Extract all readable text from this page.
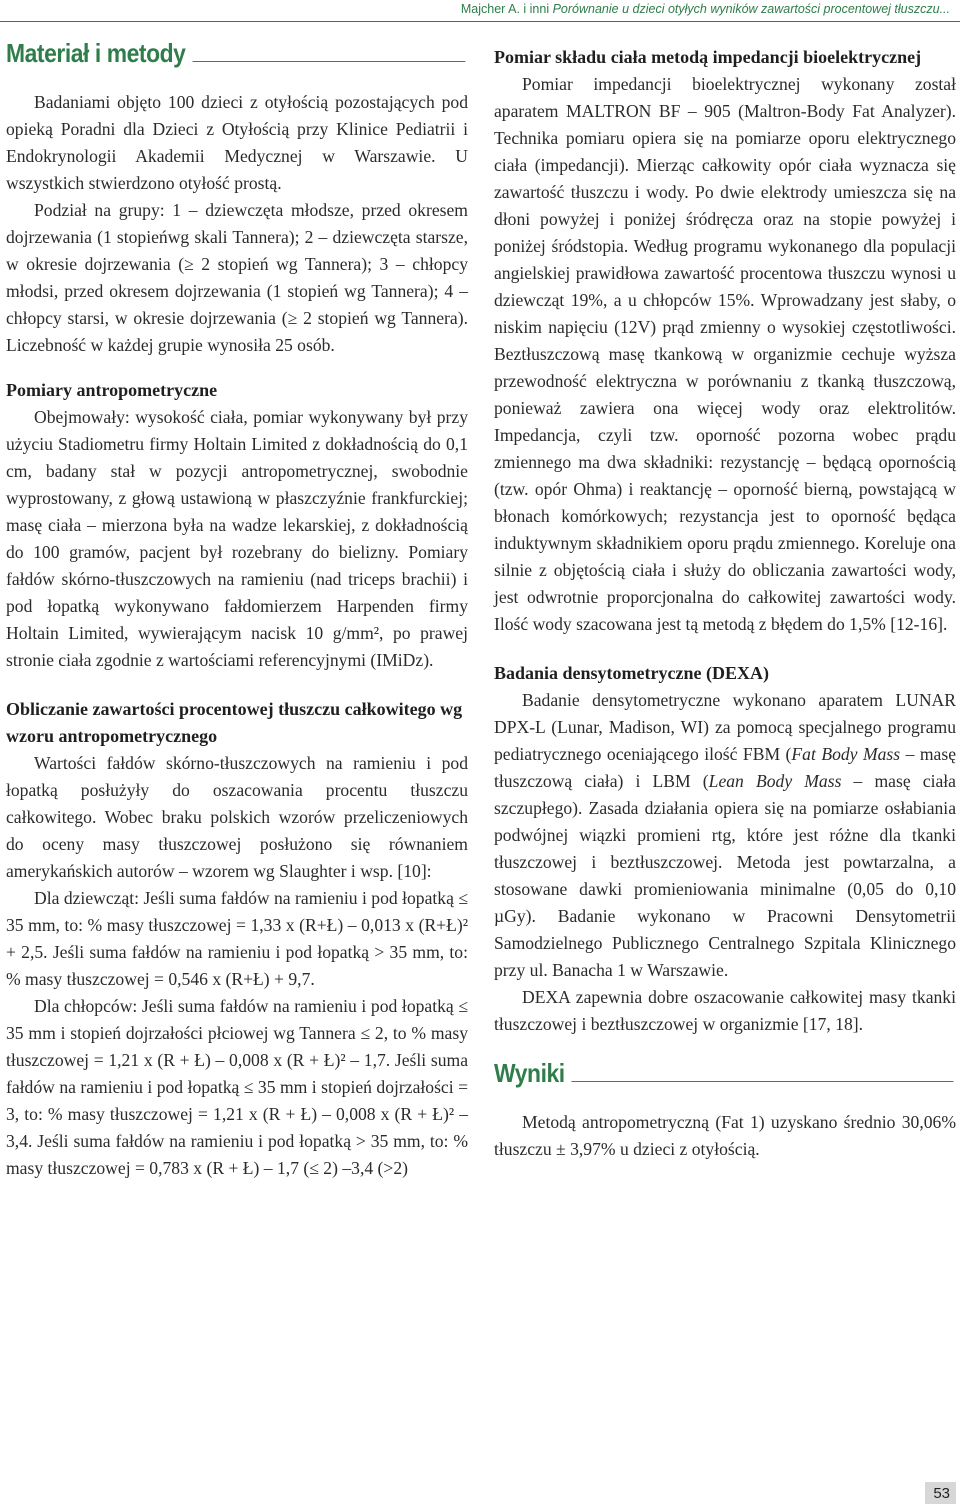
Majcher A. i inni Porównanie u dzieci otyłych wyników zawartości procentowej tłuszczu...
Materiał i metody

Badaniami objęto 100 dzieci z otyłością pozostających pod opieką Poradni dla Dzieci z Otyłością przy Klinice Pediatrii i Endokrynologii Akademii Medycznej w Warszawie. U wszystkich stwierdzono otyłość prostą.

Podział na grupy: 1 – dziewczęta młodsze, przed okresem dojrzewania (1 stopieńwg skali Tannera); 2 – dziewczęta starsze, w okresie dojrzewania (≥ 2 stopień wg Tannera); 3 – chłopcy młodsi, przed okresem dojrzewania (1 stopień wg Tannera); 4 – chłopcy starsi, w okresie dojrzewania (≥ 2 stopień wg Tannera). Liczebność w każdej grupie wynosiła 25 osób.

Pomiary antropometryczne

Obejmowały: wysokość ciała, pomiar wykonywany był przy użyciu Stadiometru firmy Holtain Limited z dokładnością do 0,1 cm, badany stał w pozycji antropometrycznej, swobodnie wyprostowany, z głową ustawioną w płaszczyźnie frankfurckiej; masę ciała – mierzona była na wadze lekarskiej, z dokładnością do 100 gramów, pacjent był rozebrany do bielizny. Pomiary fałdów skórno-tłuszczowych na ramieniu (nad triceps brachii) i pod łopatką wykonywano fałdomierzem Harpenden firmy Holtain Limited, wywierającym nacisk 10 g/mm², po prawej stronie ciała zgodnie z wartościami referencyjnymi (IMiDz).

Obliczanie zawartości procentowej tłuszczu całkowitego wg wzoru antropometrycznego

Wartości fałdów skórno-tłuszczowych na ramieniu i pod łopatką posłużyły do oszacowania procentu tłuszczu całkowitego. Wobec braku polskich wzorów przeliczeniowych do oceny masy tłuszczowej posłużono się równaniem amerykańskich autorów – wzorem wg Slaughter i wsp. [10]:

Dla dziewcząt: Jeśli suma fałdów na ramieniu i pod łopatką ≤ 35 mm, to: % masy tłuszczowej = 1,33 x (R+Ł) – 0,013 x (R+Ł)² + 2,5. Jeśli suma fałdów na ramieniu i pod łopatką > 35 mm, to: % masy tłuszczowej = 0,546 x (R+Ł) + 9,7.

Dla chłopców: Jeśli suma fałdów na ramieniu i pod łopatką ≤ 35 mm i stopień dojrzałości płciowej wg Tannera ≤ 2, to % masy tłuszczowej = 1,21 x (R + Ł) – 0,008 x (R + Ł)² – 1,7. Jeśli suma fałdów na ramieniu i pod łopatką ≤ 35 mm i stopień dojrzałości = 3, to: % masy tłuszczowej = 1,21 x (R + Ł) – 0,008 x (R + Ł)² – 3,4. Jeśli suma fałdów na ramieniu i pod łopatką > 35 mm, to: % masy tłuszczowej = 0,783 x (R + Ł) – 1,7 (≤ 2) –3,4 (>2)

Pomiar składu ciała metodą impedancji bioelektrycznej

Pomiar impedancji bioelektrycznej wykonany został aparatem MALTRON BF – 905 (Maltron-Body Fat Analyzer). Technika pomiaru opiera się na pomiarze oporu elektrycznego ciała (impedancji). Mierząc całkowity opór ciała wyznacza się zawartość tłuszczu i wody. Po dwie elektrody umieszcza się na dłoni powyżej i poniżej śródręcza oraz na stopie powyżej i poniżej śródstopia. Według programu wykonanego dla populacji angielskiej prawidłowa zawartość procentowa tłuszczu wynosi u dziewcząt 19%, a u chłopców 15%. Wprowadzany jest słaby, o niskim napięciu (12V) prąd zmienny o wysokiej częstotliwości. Beztłuszczową masę tkankową w organizmie cechuje wyższa przewodność elektryczna w porównaniu z tkanką tłuszczową, ponieważ zawiera ona więcej wody oraz elektrolitów. Impedancja, czyli tzw. oporność pozorna wobec prądu zmiennego ma dwa składniki: rezystancję – będącą opornością (tzw. opór Ohma) i reaktancję – oporność bierną, powstającą w błonach komórkowych; rezystancja jest to oporność będąca induktywnym składnikiem oporu prądu zmiennego. Koreluje ona silnie z objętością ciała i służy do obliczania zawartości wody, jest odwrotnie proporcjonalna do całkowitej zawartości wody. Ilość wody szacowana jest tą metodą z błędem do 1,5% [12-16].

Badania densytometryczne (DEXA)

Badanie densytometryczne wykonano aparatem LUNAR DPX-L (Lunar, Madison, WI) za pomocą specjalnego programu pediatrycznego oceniającego ilość FBM (Fat Body Mass – masę tłuszczową ciała) i LBM (Lean Body Mass – masę ciała szczupłego). Zasada działania opiera się na pomiarze osłabiania podwójnej wiązki promieni rtg, które jest różne dla tkanki tłuszczowej i beztłuszczowej. Metoda jest powtarzalna, a stosowane dawki promieniowania minimalne (0,05 do 0,10 µGy). Badanie wykonano w Pracowni Densytometrii Samodzielnego Publicznego Centralnego Szpitala Klinicznego przy ul. Banacha 1 w Warszawie.

DEXA zapewnia dobre oszacowanie całkowitej masy tkanki tłuszczowej i beztłuszczowej w organizmie [17, 18].

Wyniki

Metodą antropometryczną (Fat 1) uzyskano średnio 30,06% tłuszczu ± 3,97% u dzieci z otyłością.

53
